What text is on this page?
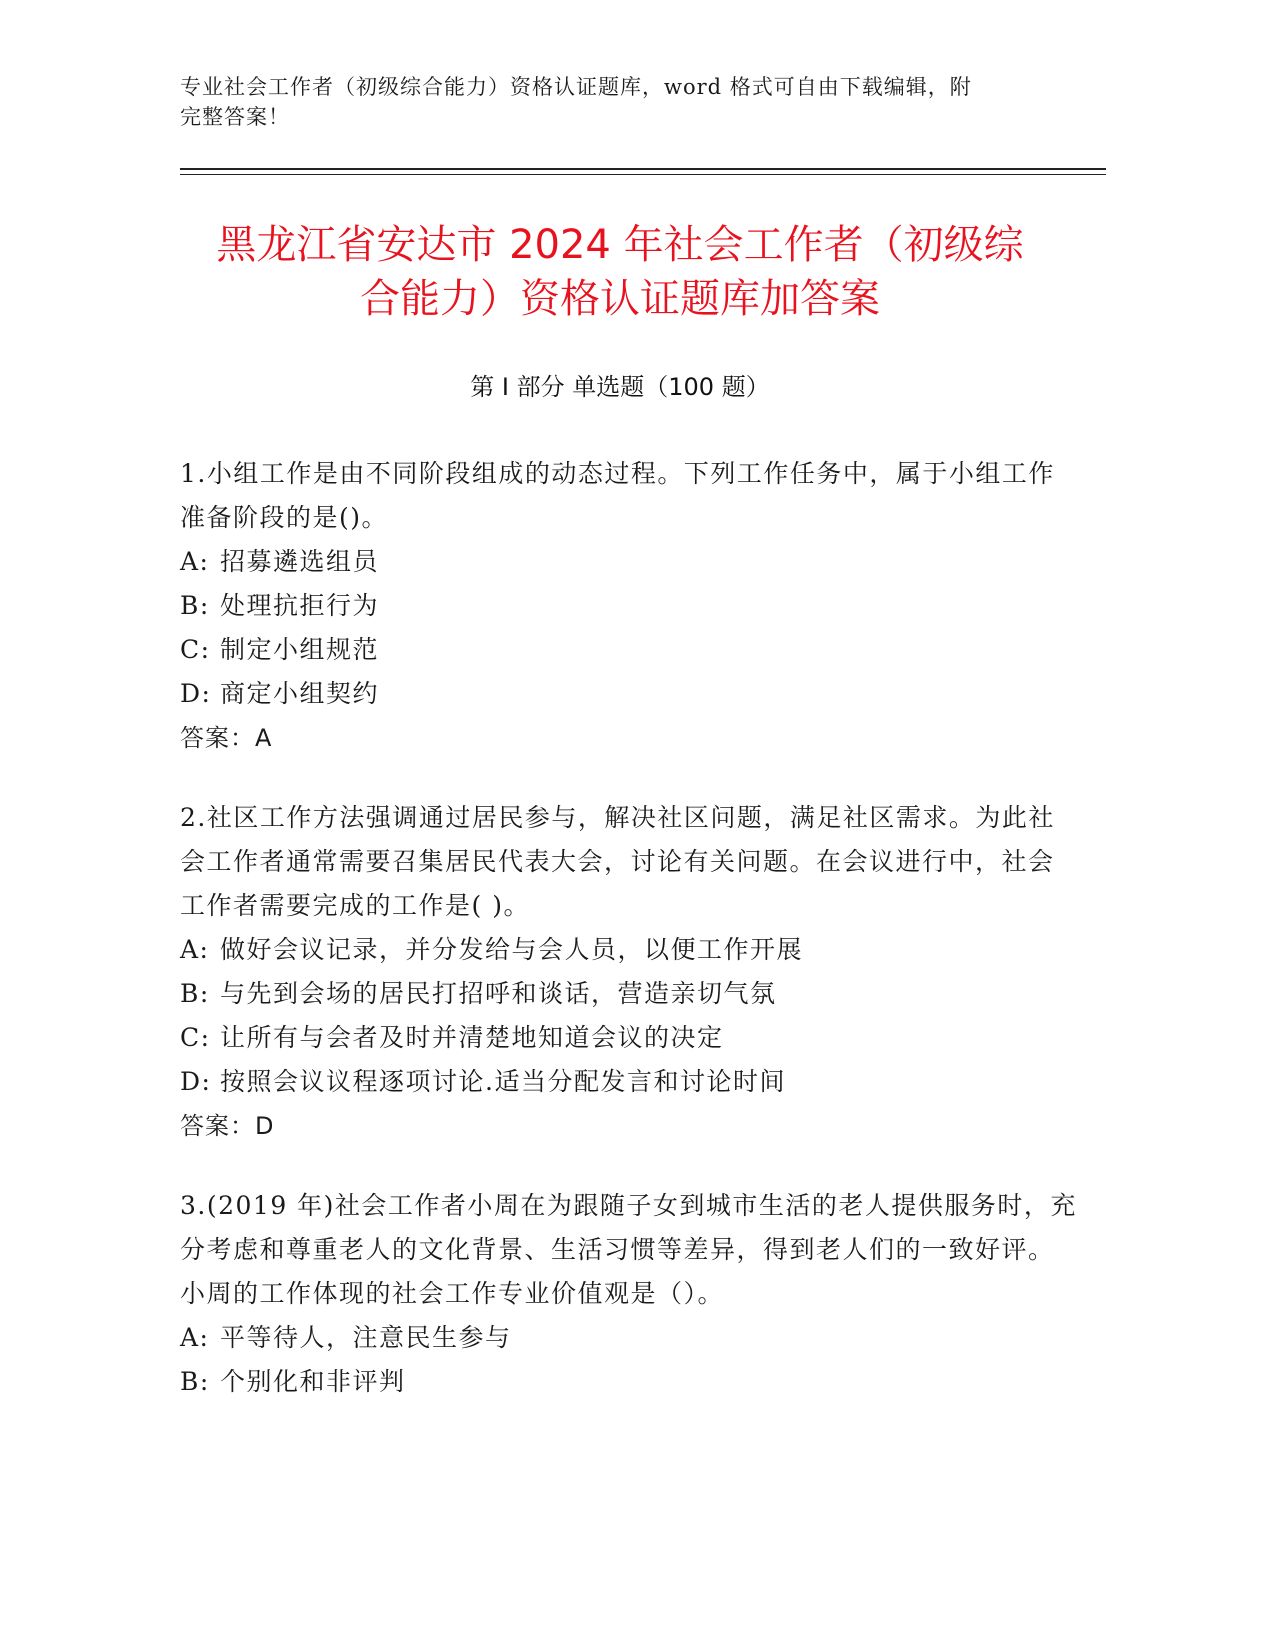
专业社会工作者（初级综合能力）资格认证题库，word 格式可自由下载编辑，附
完整答案！
黑龙江省安达市 2024 年社会工作者（初级综
合能力）资格认证题库加答案
第 I 部分 单选题（100 题）

1.小组工作是由不同阶段组成的动态过程。下列工作任务中，属于小组工作准备阶段的是()。

A: 招募遴选组员
B: 处理抗拒行为
C: 制定小组规范
D: 商定小组契约

答案：A

2.社区工作方法强调通过居民参与，解决社区问题，满足社区需求。为此社会工作者通常需要召集居民代表大会，讨论有关问题。在会议进行中，社会工作者需要完成的工作是( )。

A: 做好会议记录，并分发给与会人员，以便工作开展
B: 与先到会场的居民打招呼和谈话，营造亲切气氛
C: 让所有与会者及时并清楚地知道会议的决定
D: 按照会议议程逐项讨论.适当分配发言和讨论时间

答案：D

3.(2019 年)社会工作者小周在为跟随子女到城市生活的老人提供服务时，充分考虑和尊重老人的文化背景、生活习惯等差异，得到老人们的一致好评。小周的工作体现的社会工作专业价值观是（）。

A: 平等待人，注意民生参与
B: 个别化和非评判
